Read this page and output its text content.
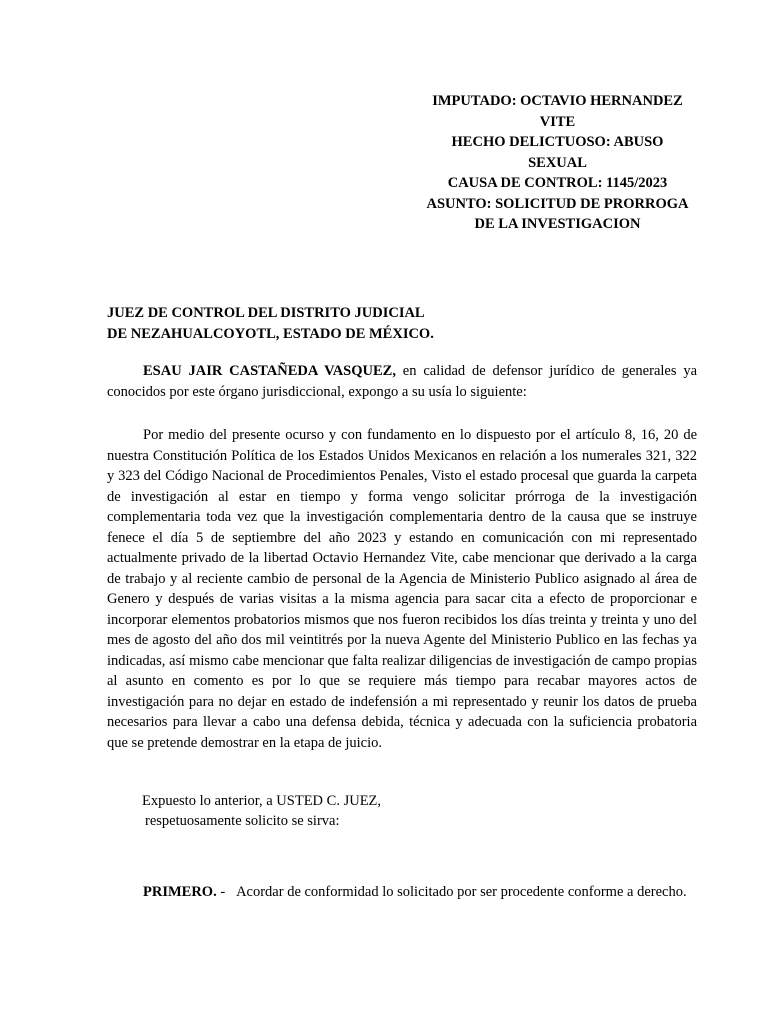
IMPUTADO: OCTAVIO HERNANDEZ
VITE
HECHO DELICTUOSO: ABUSO
SEXUAL
CAUSA DE CONTROL: 1145/2023
ASUNTO: SOLICITUD DE PRORROGA
DE LA INVESTIGACION
JUEZ DE CONTROL DEL DISTRITO JUDICIAL
DE NEZAHUALCOYOTL, ESTADO DE MÉXICO.

ESAU JAIR CASTAÑEDA VASQUEZ, en calidad de defensor jurídico de generales ya conocidos por este órgano jurisdiccional, expongo a su usía lo siguiente:

Por medio del presente ocurso y con fundamento en lo dispuesto por el artículo 8, 16, 20 de nuestra Constitución Política de los Estados Unidos Mexicanos en relación a los numerales 321, 322 y 323 del Código Nacional de Procedimientos Penales, Visto el estado procesal que guarda la carpeta de investigación al estar en tiempo y forma vengo solicitar prórroga de la investigación complementaria toda vez que la investigación complementaria dentro de la causa que se instruye fenece el día 5 de septiembre del año 2023 y estando en comunicación con mi representado actualmente privado de la libertad Octavio Hernandez Vite, cabe mencionar que derivado a la carga de trabajo y al reciente cambio de personal de la Agencia de Ministerio Publico asignado al área de Genero y después de varias visitas a la misma agencia para sacar cita a efecto de proporcionar e incorporar elementos probatorios mismos que nos fueron recibidos los días treinta y treinta y uno del mes de agosto del año dos mil veintitrés por la nueva Agente del Ministerio Publico en las fechas ya indicadas, así mismo cabe mencionar que falta realizar diligencias de investigación de campo propias al asunto en comento es por lo que se requiere más tiempo para recabar mayores actos de investigación para no dejar en estado de indefensión a mi representado y reunir los datos de prueba necesarios para llevar a cabo una defensa debida, técnica y adecuada con la suficiencia probatoria que se pretende demostrar en la etapa de juicio.

Expuesto lo anterior, a USTED C. JUEZ,
respetuosamente solicito se sirva:

PRIMERO. - Acordar de conformidad lo solicitado por ser procedente conforme a derecho.
